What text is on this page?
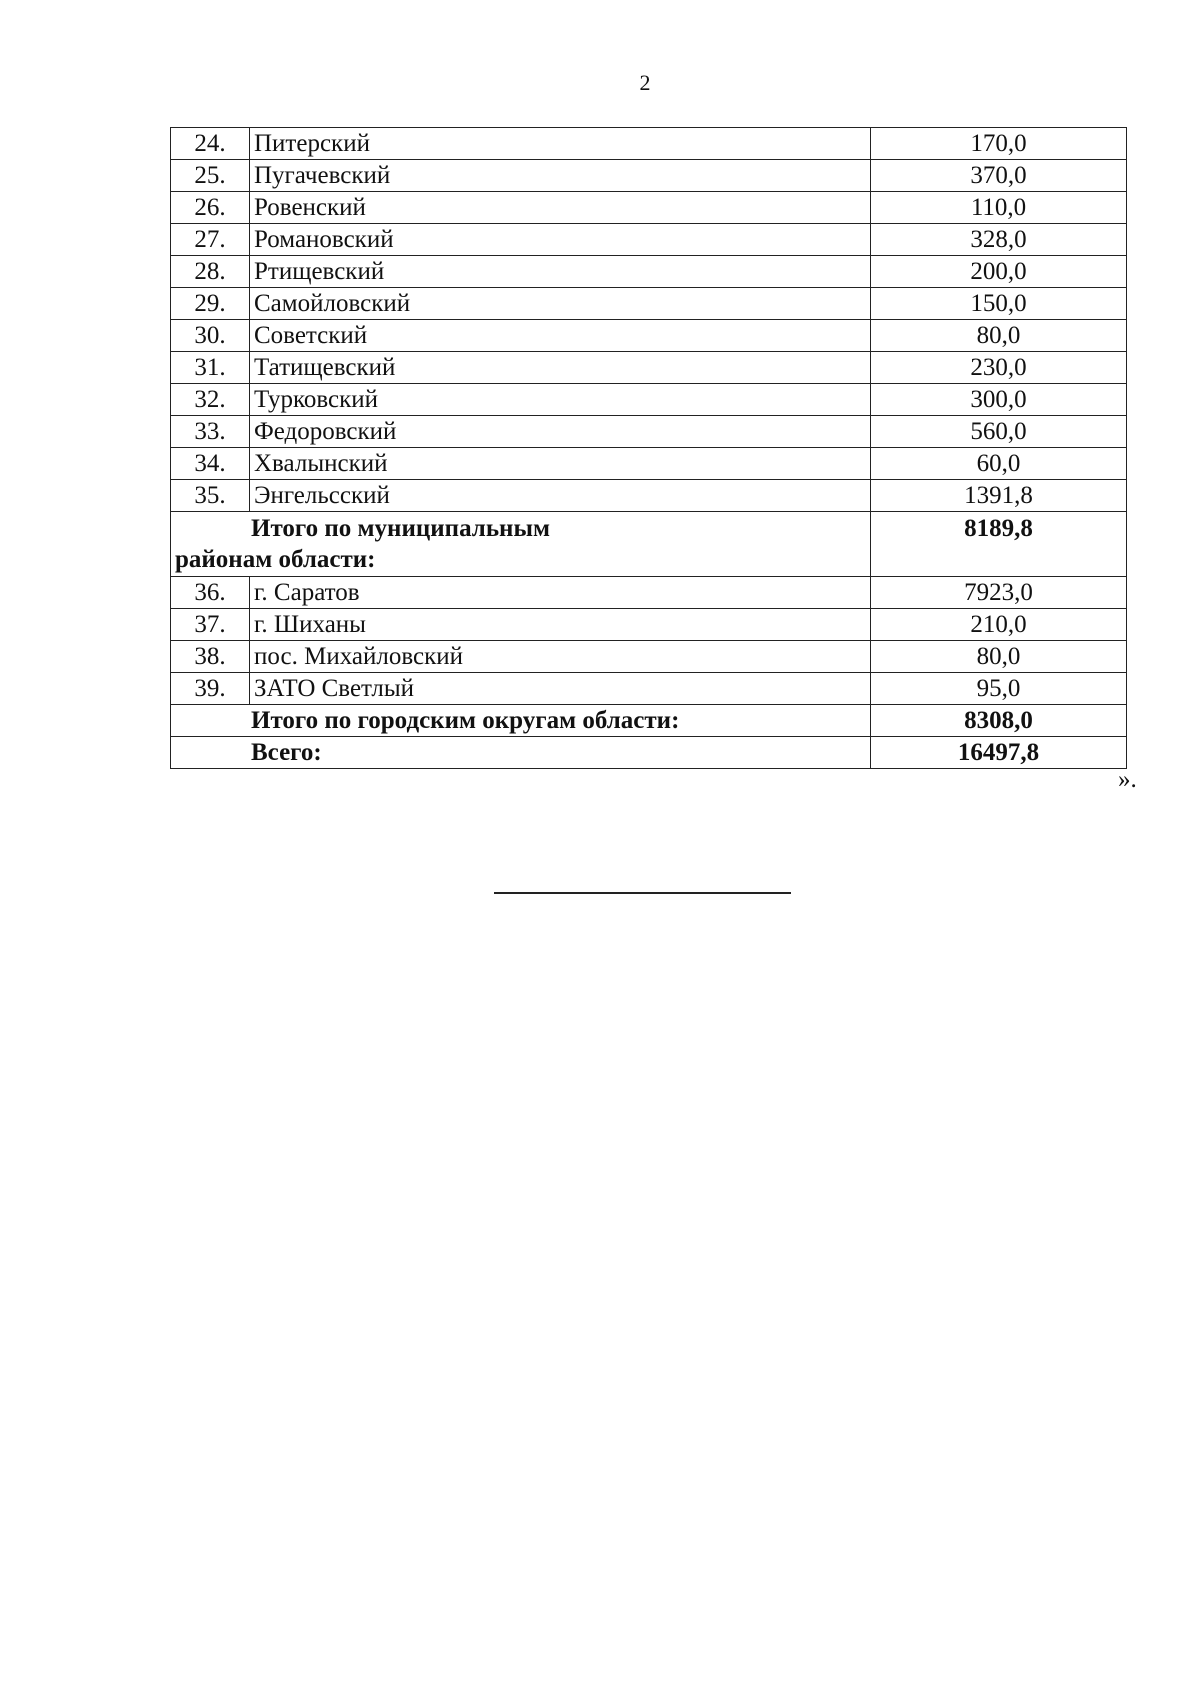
2
24.	Питерский	170,0
25.	Пугачевский	370,0
26.	Ровенский	110,0
27.	Романовский	328,0
28.	Ртищевский	200,0
29.	Самойловский	150,0
30.	Советский	80,0
31.	Татищевский	230,0
32.	Турковский	300,0
33.	Федоровский	560,0
34.	Хвалынский	60,0
35.	Энгельсский	1391,8

Итого по муниципальным
районам области:		8189,8
36.	г. Саратов	7923,0
37.	г. Шиханы	210,0
38.	пос. Михайловский	80,0
39.	ЗАТО Светлый	95,0
Итого по городским округам области:		8308,0
Всего:		16497,8
».
